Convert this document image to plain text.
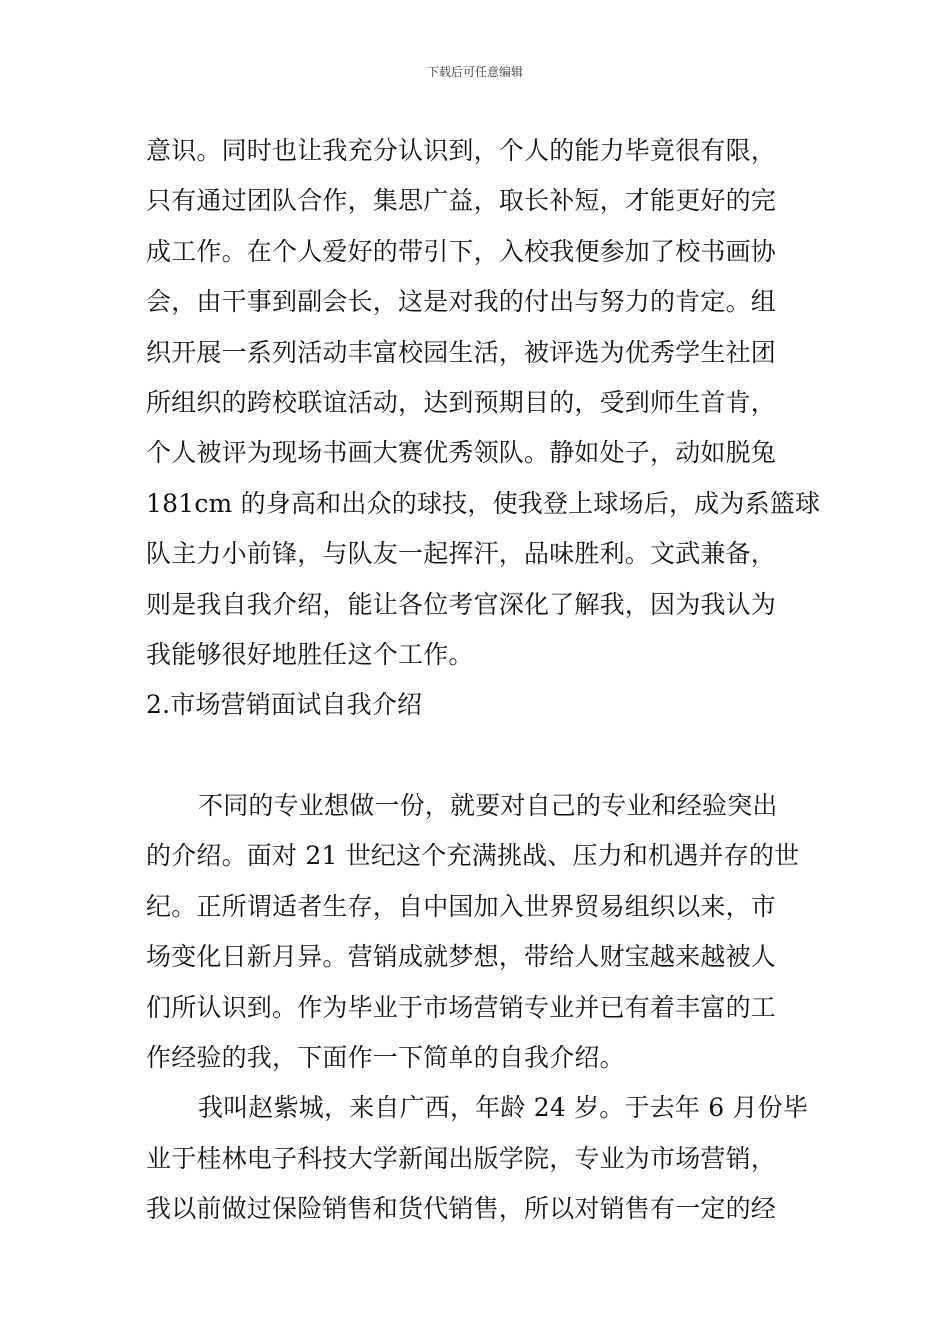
下载后可任意编辑
意识。同时也让我充分认识到，个人的能力毕竟很有限，
只有通过团队合作，集思广益，取长补短，才能更好的完
成工作。在个人爱好的带引下，入校我便参加了校书画协
会，由干事到副会长，这是对我的付出与努力的肯定。组
织开展一系列活动丰富校园生活，被评选为优秀学生社团
所组织的跨校联谊活动，达到预期目的，受到师生首肯，
个人被评为现场书画大赛优秀领队。静如处子，动如脱兔
181cm 的身高和出众的球技，使我登上球场后，成为系篮球
队主力小前锋，与队友一起挥汗，品味胜利。文武兼备，
则是我自我介绍，能让各位考官深化了解我，因为我认为
我能够很好地胜任这个工作。
2.市场营销面试自我介绍
不同的专业想做一份，就要对自己的专业和经验突出
的介绍。面对 21 世纪这个充满挑战、压力和机遇并存的世
纪。正所谓适者生存，自中国加入世界贸易组织以来，市
场变化日新月异。营销成就梦想，带给人财宝越来越被人
们所认识到。作为毕业于市场营销专业并已有着丰富的工
作经验的我，下面作一下简单的自我介绍。
我叫赵紫城，来自广西，年龄 24 岁。于去年 6 月份毕
业于桂林电子科技大学新闻出版学院，专业为市场营销，
我以前做过保险销售和货代销售，所以对销售有一定的经
